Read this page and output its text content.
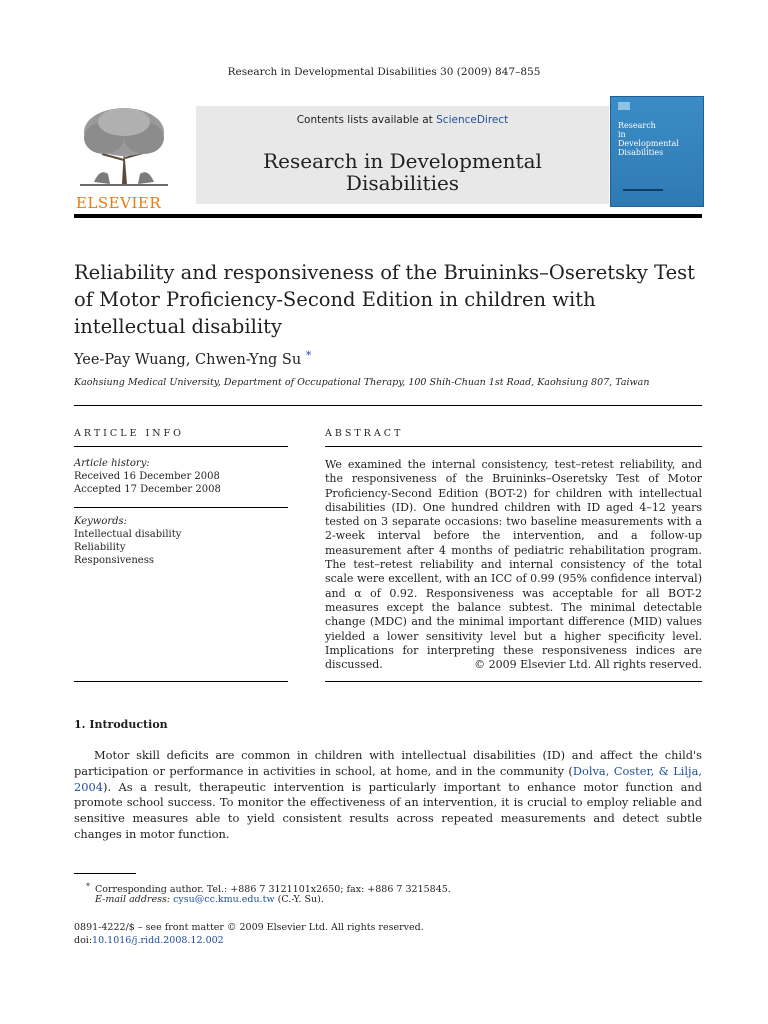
Research in Developmental Disabilities 30 (2009) 847–855
ELSEVIER
Contents lists available at ScienceDirect
Research in Developmental
Disabilities
Research
in
Developmental
Disabilities
Reliability and responsiveness of the Bruininks–Oseretsky Test of Motor Proficiency-Second Edition in children with intellectual disability
Yee-Pay Wuang, Chwen-Yng Su *
Kaohsiung Medical University, Department of Occupational Therapy, 100 Shih-Chuan 1st Road, Kaohsiung 807, Taiwan
ARTICLE INFO
Article history:
Received 16 December 2008
Accepted 17 December 2008
Keywords:
Intellectual disability
Reliability
Responsiveness
ABSTRACT

We examined the internal consistency, test–retest reliability, and the responsiveness of the Bruininks–Oseretsky Test of Motor Proficiency-Second Edition (BOT-2) for children with intellectual disabilities (ID). One hundred children with ID aged 4–12 years tested on 3 separate occasions: two baseline measurements with a 2-week interval before the intervention, and a follow-up measurement after 4 months of pediatric rehabilitation program. The test–retest reliability and internal consistency of the total scale were excellent, with an ICC of 0.99 (95% confidence interval) and α of 0.92. Responsiveness was acceptable for all BOT-2 measures except the balance subtest. The minimal detectable change (MDC) and the minimal important difference (MID) values yielded a lower sensitivity level but a higher specificity level. Implications for interpreting these responsiveness indices are discussed.	© 2009 Elsevier Ltd. All rights reserved.
1. Introduction

Motor skill deficits are common in children with intellectual disabilities (ID) and affect the child's participation or performance in activities in school, at home, and in the community (Dolva, Coster, & Lilja, 2004). As a result, therapeutic intervention is particularly important to enhance motor function and promote school success. To monitor the effectiveness of an intervention, it is crucial to employ reliable and sensitive measures able to yield consistent results across repeated measurements and detect subtle changes in motor function.

* Corresponding author. Tel.: +886 7 3121101x2650; fax: +886 7 3215845.
E-mail address: cysu@cc.kmu.edu.tw (C.-Y. Su).
0891-4222/$ – see front matter © 2009 Elsevier Ltd. All rights reserved.
doi:10.1016/j.ridd.2008.12.002
